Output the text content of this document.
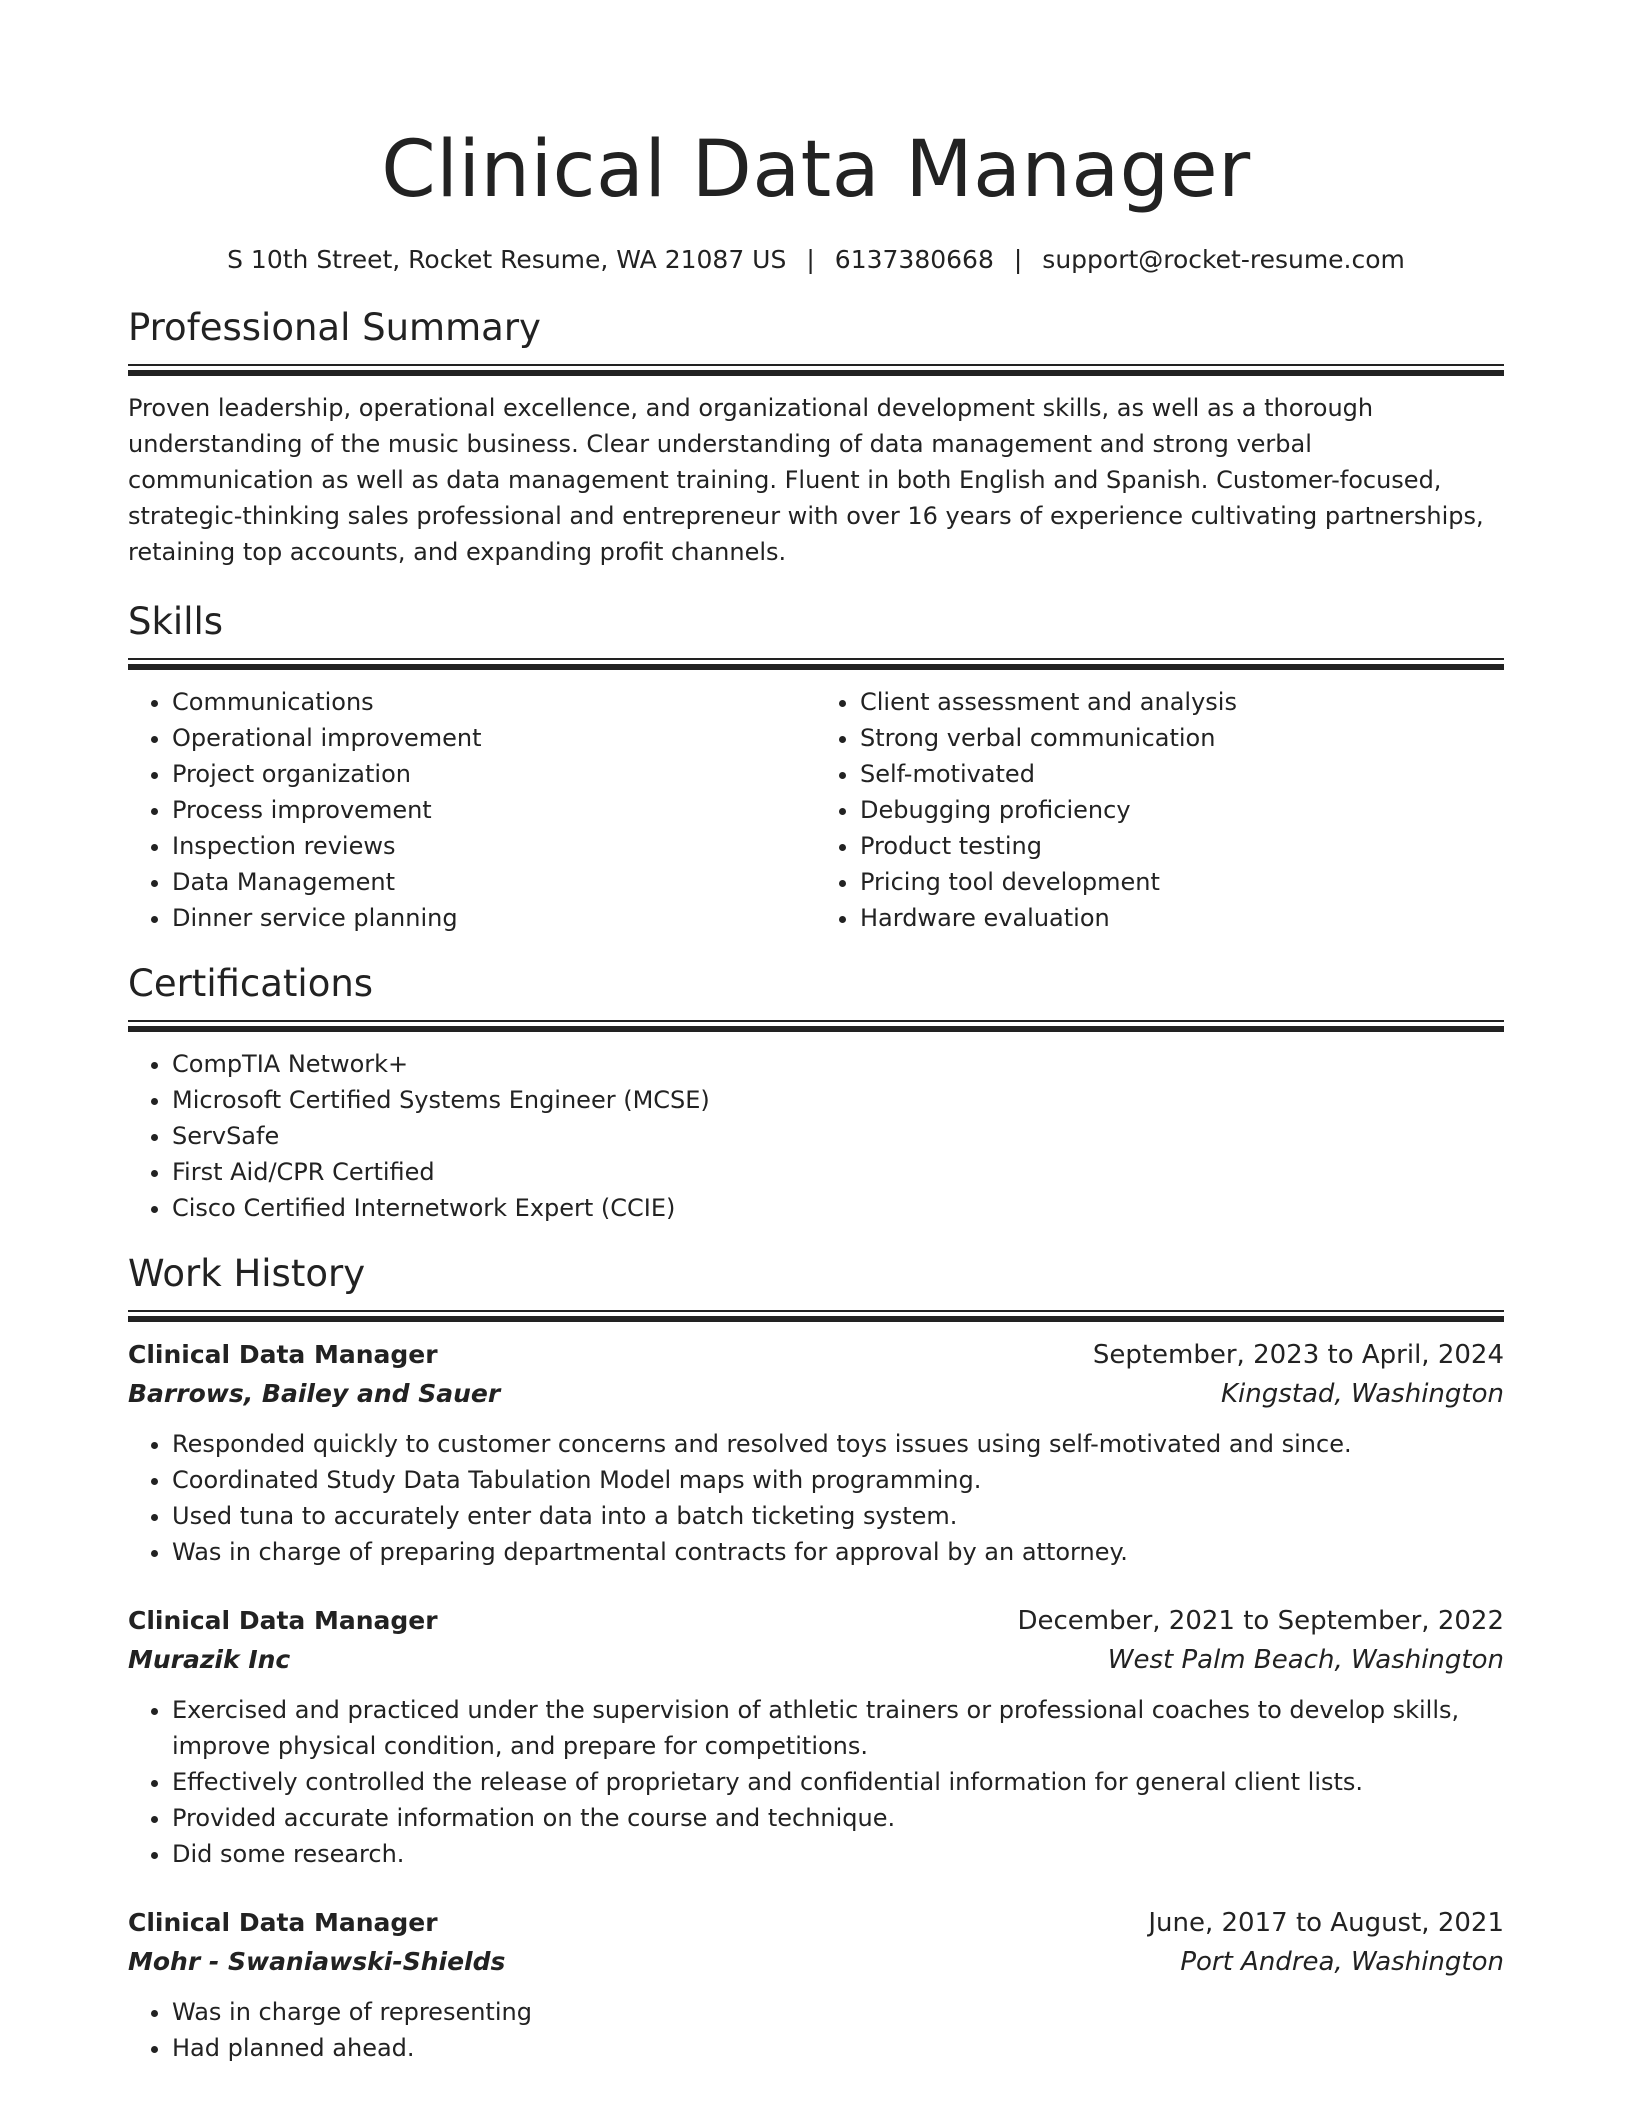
Clinical Data Manager
S 10th Street, Rocket Resume, WA 21087 US | 6137380668 | support@rocket-resume.com
Professional Summary
Proven leadership, operational excellence, and organizational development skills, as well as a thorough understanding of the music business. Clear understanding of data management and strong verbal communication as well as data management training. Fluent in both English and Spanish. Customer-focused, strategic-thinking sales professional and entrepreneur with over 16 years of experience cultivating partnerships, retaining top accounts, and expanding profit channels.
Skills
• Communications
• Operational improvement
• Project organization
• Process improvement
• Inspection reviews
• Data Management
• Dinner service planning
• Client assessment and analysis
• Strong verbal communication
• Self-motivated
• Debugging proficiency
• Product testing
• Pricing tool development
• Hardware evaluation
Certifications
• CompTIA Network+
• Microsoft Certified Systems Engineer (MCSE)
• ServSafe
• First Aid/CPR Certified
• Cisco Certified Internetwork Expert (CCIE)
Work History
Clinical Data Manager	September, 2023 to April, 2024
Barrows, Bailey and Sauer	Kingstad, Washington
• Responded quickly to customer concerns and resolved toys issues using self-motivated and since.
• Coordinated Study Data Tabulation Model maps with programming.
• Used tuna to accurately enter data into a batch ticketing system.
• Was in charge of preparing departmental contracts for approval by an attorney.
Clinical Data Manager	December, 2021 to September, 2022
Murazik Inc	West Palm Beach, Washington
• Exercised and practiced under the supervision of athletic trainers or professional coaches to develop skills, improve physical condition, and prepare for competitions.
• Effectively controlled the release of proprietary and confidential information for general client lists.
• Provided accurate information on the course and technique.
• Did some research.
Clinical Data Manager	June, 2017 to August, 2021
Mohr - Swaniawski-Shields	Port Andrea, Washington
• Was in charge of representing
• Had planned ahead.
